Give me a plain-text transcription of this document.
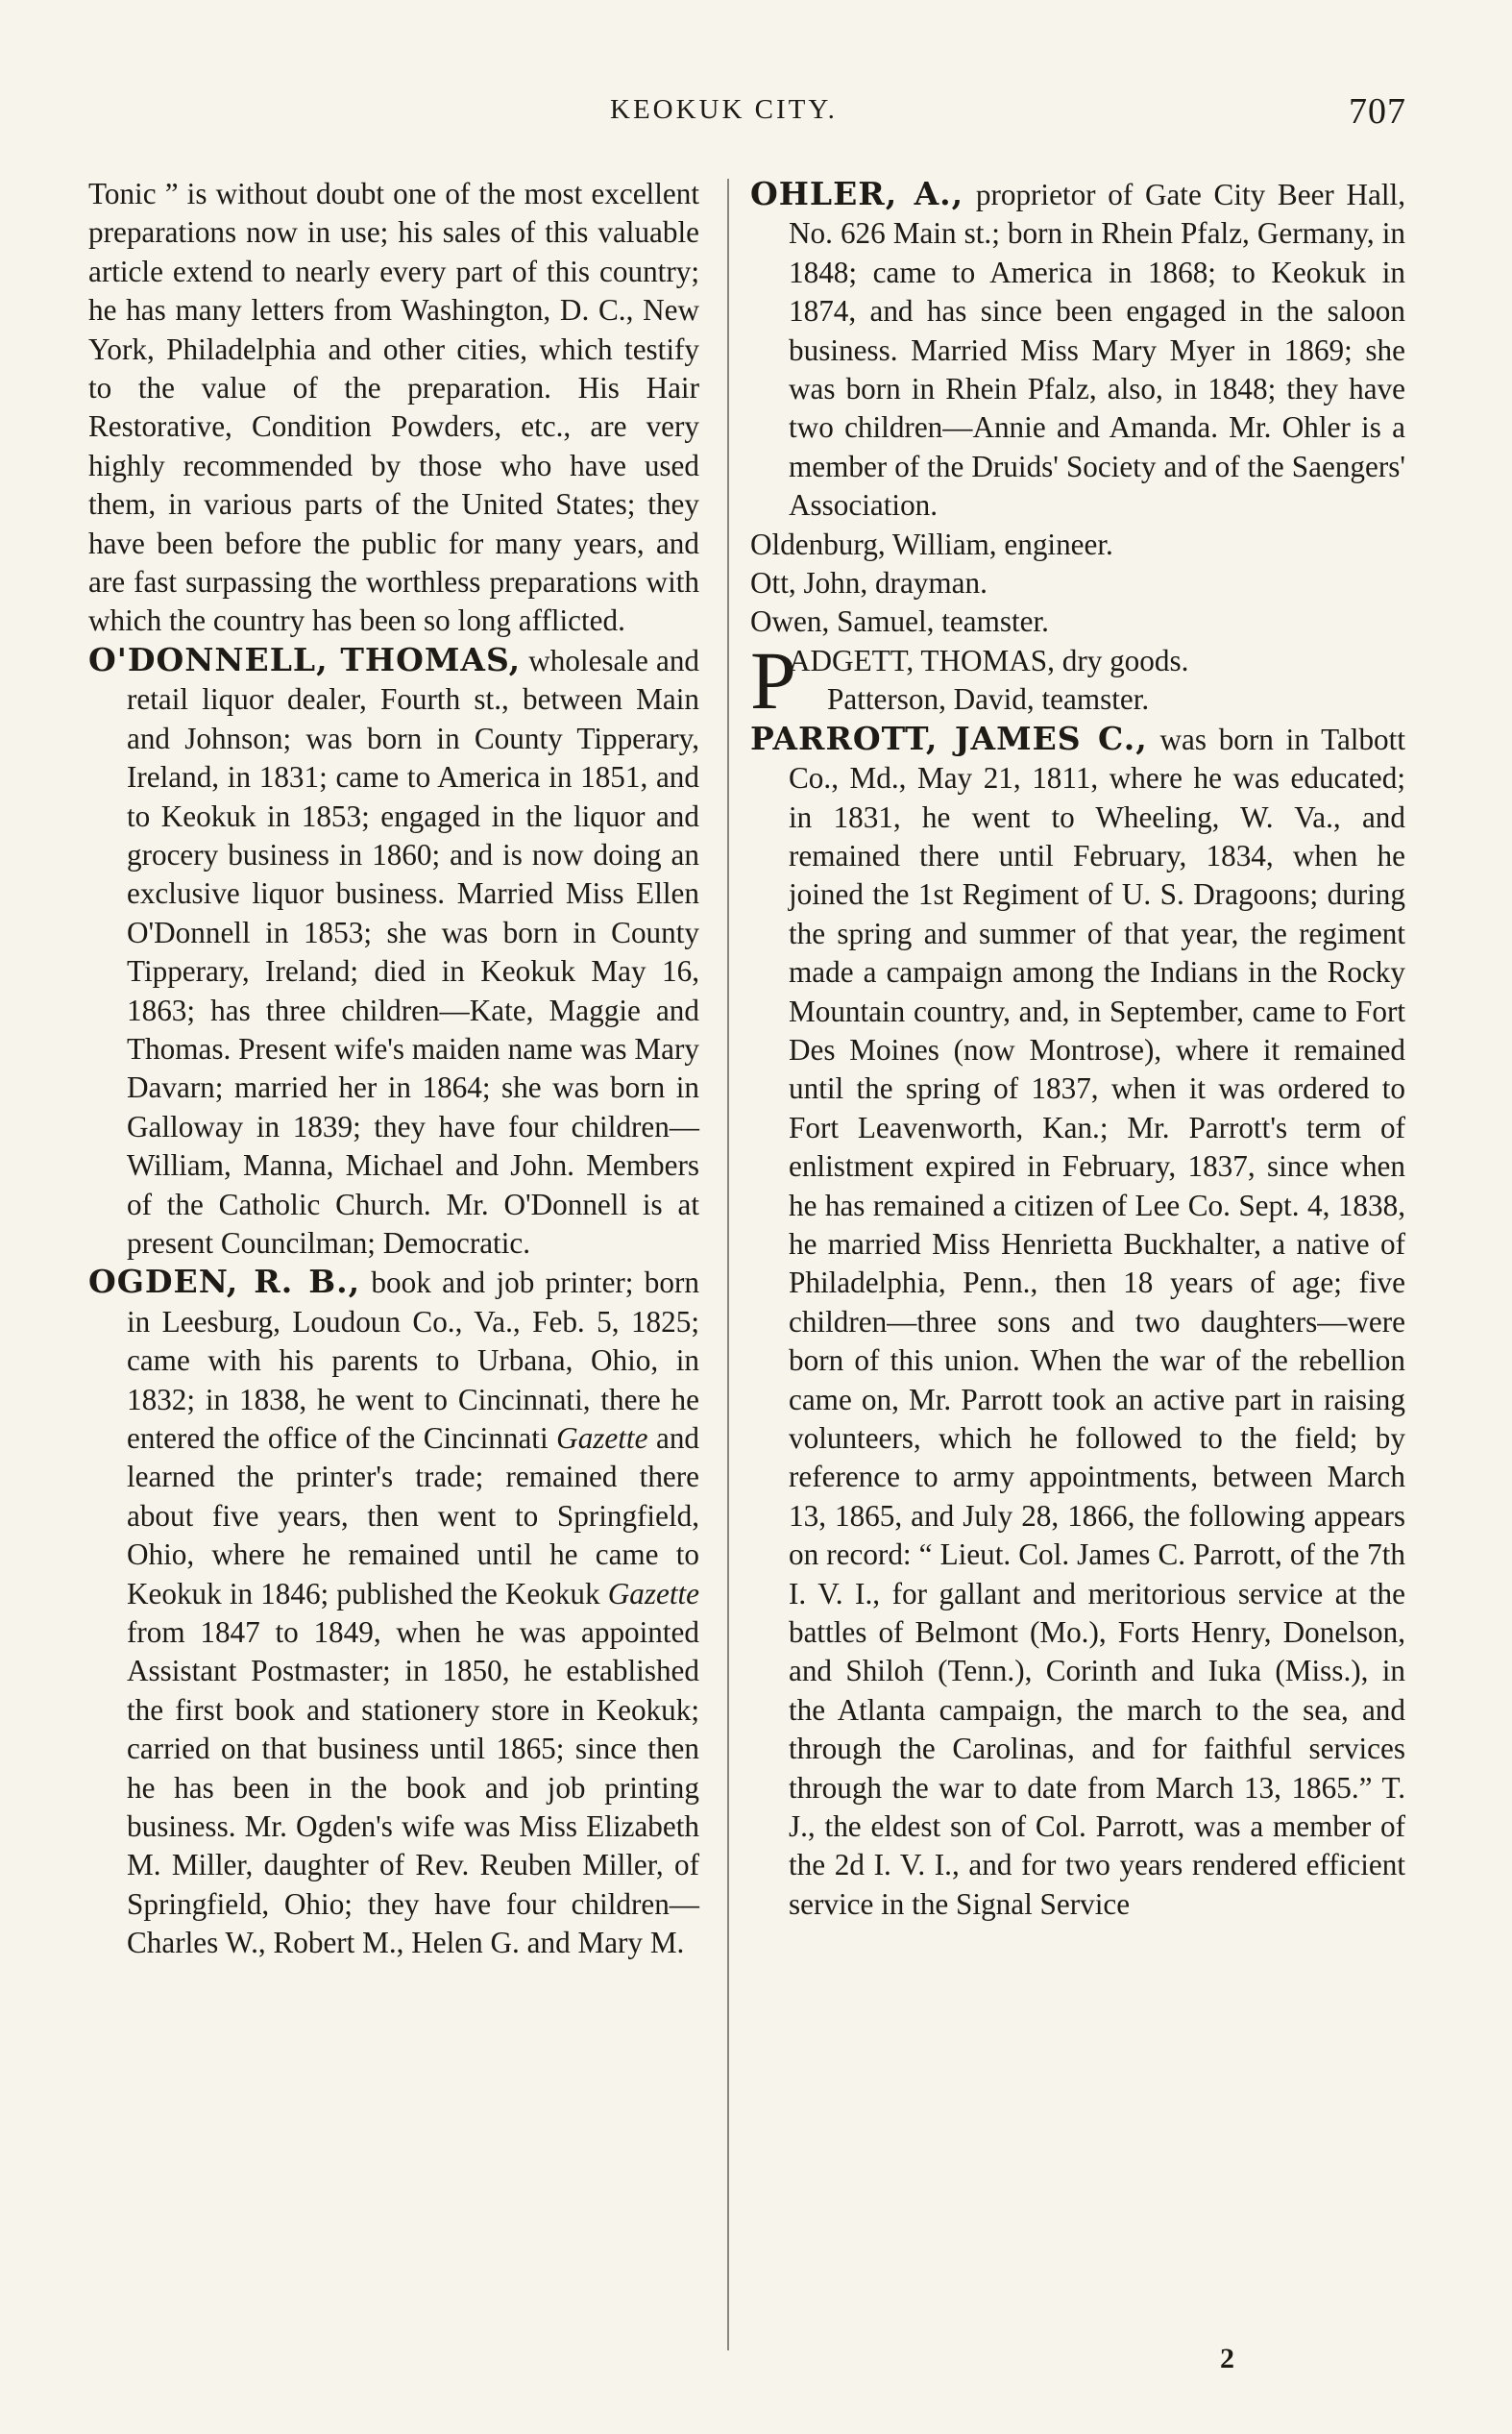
KEOKUK CITY.	707

Tonic ” is without doubt one of the most excellent preparations now in use; his sales of this valuable article extend to nearly every part of this country; he has many letters from Washington, D. C., New York, Philadelphia and other cities, which testify to the value of the preparation. His Hair Restorative, Condition Powders, etc., are very highly recommended by those who have used them, in various parts of the United States; they have been before the public for many years, and are fast surpassing the worthless preparations with which the country has been so long afflicted.

O'DONNELL, THOMAS, wholesale and retail liquor dealer, Fourth st., between Main and Johnson; was born in County Tipperary, Ireland, in 1831; came to America in 1851, and to Keokuk in 1853; engaged in the liquor and grocery business in 1860; and is now doing an exclusive liquor business. Married Miss Ellen O'Donnell in 1853; she was born in County Tipperary, Ireland; died in Keokuk May 16, 1863; has three children—Kate, Maggie and Thomas. Present wife's maiden name was Mary Davarn; married her in 1864; she was born in Galloway in 1839; they have four children—William, Manna, Michael and John. Members of the Catholic Church. Mr. O'Donnell is at present Councilman; Democratic.

OGDEN, R. B., book and job printer; born in Leesburg, Loudoun Co., Va., Feb. 5, 1825; came with his parents to Urbana, Ohio, in 1832; in 1838, he went to Cincinnati, there he entered the office of the Cincinnati Gazette and learned the printer's trade; remained there about five years, then went to Springfield, Ohio, where he remained until he came to Keokuk in 1846; published the Keokuk Gazette from 1847 to 1849, when he was appointed Assistant Postmaster; in 1850, he established the first book and stationery store in Keokuk; carried on that business until 1865; since then he has been in the book and job printing business. Mr. Ogden's wife was Miss Elizabeth M. Miller, daughter of Rev. Reuben Miller, of Springfield, Ohio; they have four children—Charles W., Robert M., Helen G. and Mary M.

OHLER, A., proprietor of Gate City Beer Hall, No. 626 Main st.; born in Rhein Pfalz, Germany, in 1848; came to America in 1868; to Keokuk in 1874, and has since been engaged in the saloon business. Married Miss Mary Myer in 1869; she was born in Rhein Pfalz, also, in 1848; they have two children—Annie and Amanda. Mr. Ohler is a member of the Druids' Society and of the Saengers' Association.

Oldenburg, William, engineer.

Ott, John, drayman.

Owen, Samuel, teamster.

P
ADGETT, THOMAS, dry goods.
Patterson, David, teamster.

PARROTT, JAMES C., was born in Talbott Co., Md., May 21, 1811, where he was educated; in 1831, he went to Wheeling, W. Va., and remained there until February, 1834, when he joined the 1st Regiment of U. S. Dragoons; during the spring and summer of that year, the regiment made a campaign among the Indians in the Rocky Mountain country, and, in September, came to Fort Des Moines (now Montrose), where it remained until the spring of 1837, when it was ordered to Fort Leavenworth, Kan.; Mr. Parrott's term of enlistment expired in February, 1837, since when he has remained a citizen of Lee Co. Sept. 4, 1838, he married Miss Henrietta Buckhalter, a native of Philadelphia, Penn., then 18 years of age; five children—three sons and two daughters—were born of this union. When the war of the rebellion came on, Mr. Parrott took an active part in raising volunteers, which he followed to the field; by reference to army appointments, between March 13, 1865, and July 28, 1866, the following appears on record: “ Lieut. Col. James C. Parrott, of the 7th I. V. I., for gallant and meritorious service at the battles of Belmont (Mo.), Forts Henry, Donelson, and Shiloh (Tenn.), Corinth and Iuka (Miss.), in the Atlanta campaign, the march to the sea, and through the Carolinas, and for faithful services through the war to date from March 13, 1865.” T. J., the eldest son of Col. Parrott, was a member of the 2d I. V. I., and for two years rendered efficient service in the Signal Service

2
